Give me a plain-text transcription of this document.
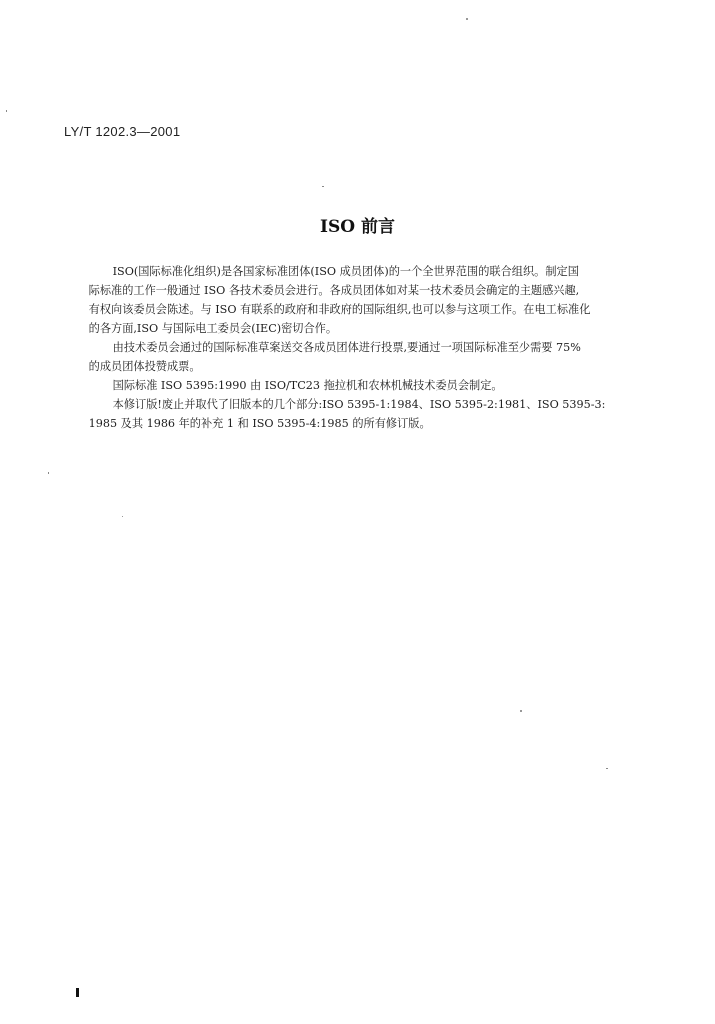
LY/T 1202.3—2001
ISO 前言
ISO(国际标准化组织)是各国家标准团体(ISO 成员团体)的一个全世界范围的联合组织。制定国
际标准的工作一般通过 ISO 各技术委员会进行。各成员团体如对某一技术委员会确定的主题感兴趣,
有权向该委员会陈述。与 ISO 有联系的政府和非政府的国际组织,也可以参与这项工作。在电工标准化
的各方面,ISO 与国际电工委员会(IEC)密切合作。
由技术委员会通过的国际标准草案送交各成员团体进行投票,要通过一项国际标准至少需要 75%
的成员团体投赞成票。
国际标准 ISO 5395:1990 由 ISO/TC23 拖拉机和农林机械技术委员会制定。
本修订版!废止并取代了旧版本的几个部分:ISO 5395-1:1984、ISO 5395-2:1981、ISO 5395-3:
1985 及其 1986 年的补充 1 和 ISO 5395-4:1985 的所有修订版。
